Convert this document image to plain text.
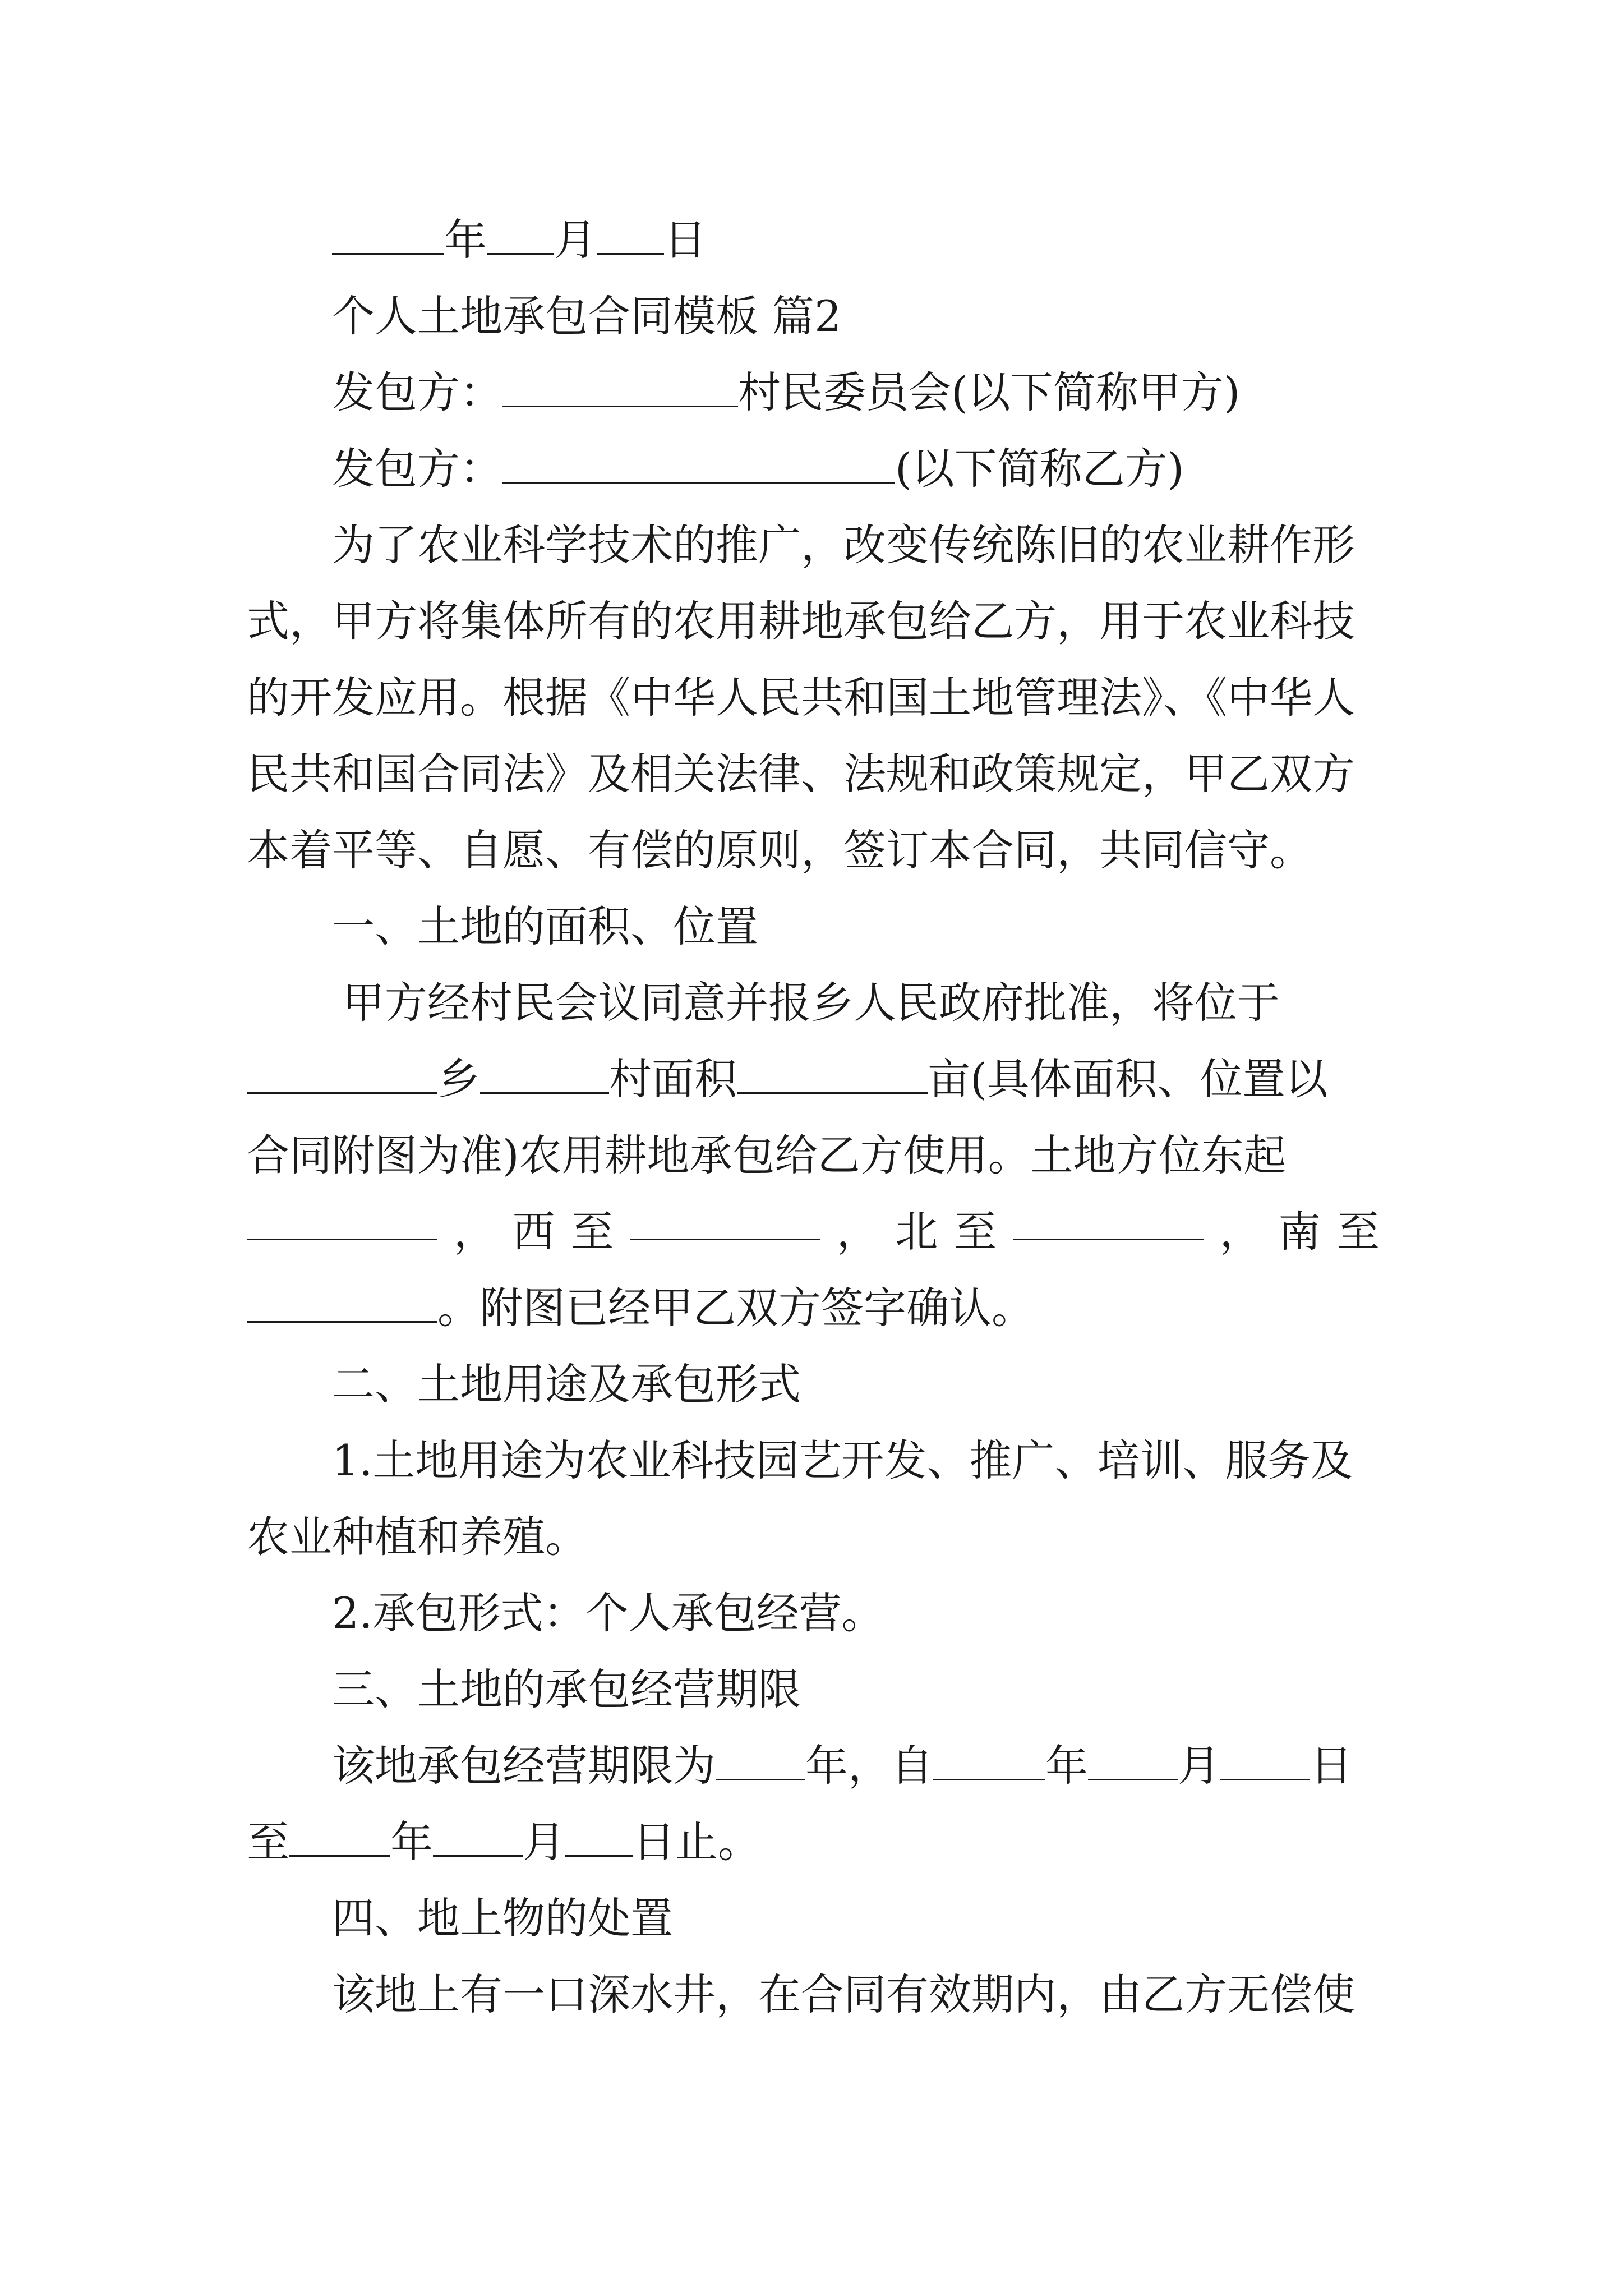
年 月 日
个人土地承包合同模板 篇2
发包方：	村民委员会(以下简称甲方)
发包方：	(以下简称乙方)
为了农业科学技术的推广，改变传统陈旧的农业耕作形
式，甲方将集体所有的农用耕地承包给乙方，用于农业科技
的开发应用。根据《中华人民共和国土地管理法》、《中华人
民共和国合同法》及相关法律、法规和政策规定，甲乙双方
本着平等、自愿、有偿的原则，签订本合同，共同信守。
一、土地的面积、位置
甲方经村民会议同意并报乡人民政府批准，将位于
乡	村面积	亩(具体面积、位置以
合同附图为准)农用耕地承包给乙方使用。土地方位东起
， 西 至	， 北 至	， 南 至
。附图已经甲乙双方签字确认。
二、土地用途及承包形式
1.土地用途为农业科技园艺开发、推广、培训、服务及
农业种植和养殖。
2.承包形式：个人承包经营。
三、土地的承包经营期限
该地承包经营期限为 年，自	年 月 日
至 年 月 日止。
四、地上物的处置
该地上有一口深水井，在合同有效期内，由乙方无偿使
